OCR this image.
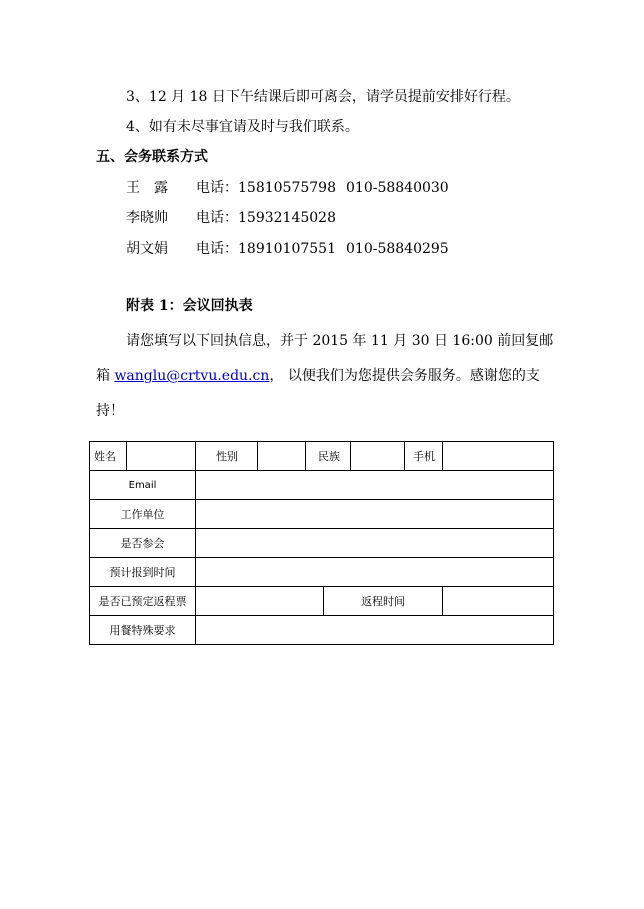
3、12 月 18 日下午结课后即可离会，请学员提前安排好行程。
4、如有未尽事宜请及时与我们联系。
五、会务联系方式
王　露 电话：15810575798 010-58840030
李晓帅 电话：15932145028
胡文娟 电话：18910107551 010-58840295
附表 1：会议回执表
请您填写以下回执信息，并于 2015 年 11 月 30 日 16:00 前回复邮
箱 wanglu@crtvu.edu.cn， 以便我们为您提供会务服务。感谢您的支
持！
姓名		性别		民族			手机	
Email								
工作单位								
是否参会								
预计报到时间								
是否已预定返程票					返程时间			
用餐特殊要求								
